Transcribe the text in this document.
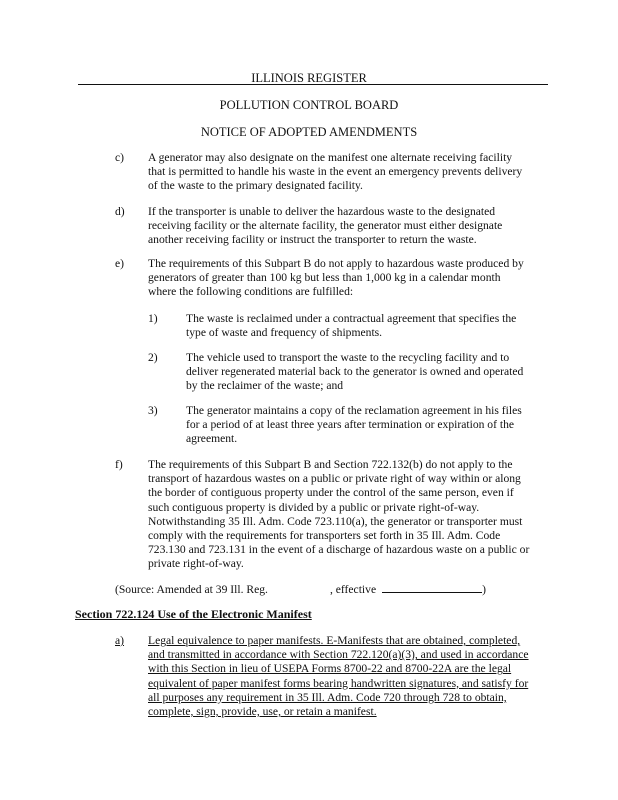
ILLINOIS REGISTER
POLLUTION CONTROL BOARD
NOTICE OF ADOPTED AMENDMENTS
c) A generator may also designate on the manifest one alternate receiving facility
that is permitted to handle his waste in the event an emergency prevents delivery
of the waste to the primary designated facility.
d) If the transporter is unable to deliver the hazardous waste to the designated
receiving facility or the alternate facility, the generator must either designate
another receiving facility or instruct the transporter to return the waste.
e) The requirements of this Subpart B do not apply to hazardous waste produced by
generators of greater than 100 kg but less than 1,000 kg in a calendar month
where the following conditions are fulfilled:
1) The waste is reclaimed under a contractual agreement that specifies the
type of waste and frequency of shipments.
2) The vehicle used to transport the waste to the recycling facility and to
deliver regenerated material back to the generator is owned and operated
by the reclaimer of the waste; and
3) The generator maintains a copy of the reclamation agreement in his files
for a period of at least three years after termination or expiration of the
agreement.
f) The requirements of this Subpart B and Section 722.132(b) do not apply to the
transport of hazardous wastes on a public or private right of way within or along
the border of contiguous property under the control of the same person, even if
such contiguous property is divided by a public or private right-of-way.
Notwithstanding 35 Ill. Adm. Code 723.110(a), the generator or transporter must
comply with the requirements for transporters set forth in 35 Ill. Adm. Code
723.130 and 723.131 in the event of a discharge of hazardous waste on a public or
private right-of-way.
(Source: Amended at 39 Ill. Reg.	, effective	)
Section 722.124 Use of the Electronic Manifest
a) Legal equivalence to paper manifests. E-Manifests that are obtained, completed,
and transmitted in accordance with Section 722.120(a)(3), and used in accordance
with this Section in lieu of USEPA Forms 8700-22 and 8700-22A are the legal
equivalent of paper manifest forms bearing handwritten signatures, and satisfy for
all purposes any requirement in 35 Ill. Adm. Code 720 through 728 to obtain,
complete, sign, provide, use, or retain a manifest.
